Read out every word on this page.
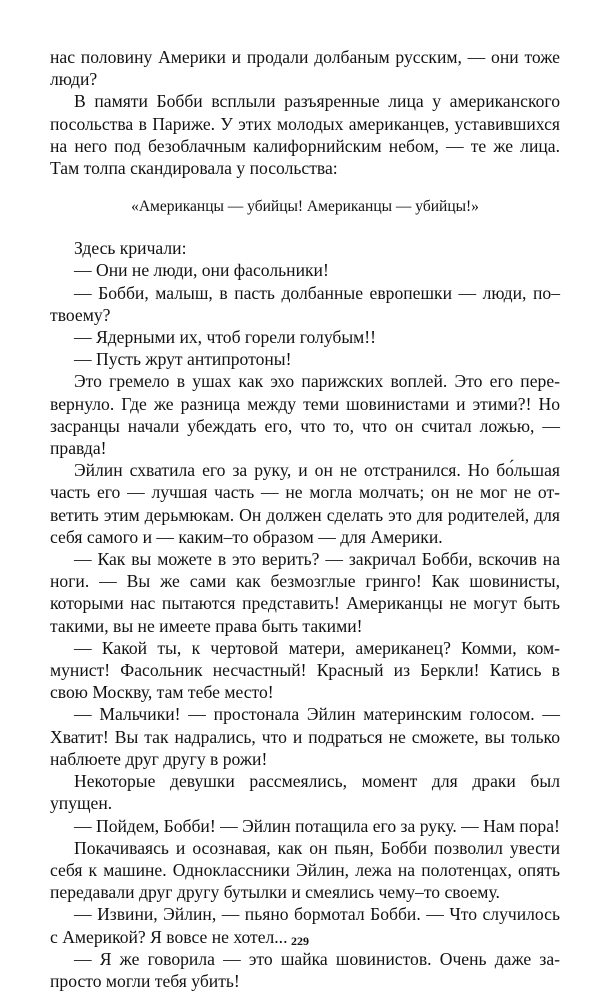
нас половину Америки и продали долбаным русским, — они тоже люди?

В памяти Бобби всплыли разъяренные лица у американского посольства в Париже. У этих молодых американцев, уставившихся на него под безоблачным калифорнийским небом, — те же лица. Там толпа скандировала у посольства:

«Американцы — убийцы! Американцы — убийцы!»

Здесь кричали:

— Они не люди, они фасольники!

— Бобби, малыш, в пасть долбанные европешки — люди, по–твоему?

— Ядерными их, чтоб горели голубым!!

— Пусть жрут антипротоны!

Это гремело в ушах как эхо парижских воплей. Это его перевернуло. Где же разница между теми шовинистами и этими?! Но засранцы начали убеждать его, что то, что он считал ложью, — правда!

Эйлин схватила его за руку, и он не отстранился. Но бо́льшая часть его — лучшая часть — не могла молчать; он не мог не ответить этим дерьмюкам. Он должен сделать это для родителей, для себя самого и — каким–то образом — для Америки.

— Как вы можете в это верить? — закричал Бобби, вскочив на ноги. — Вы же сами как безмозглые гринго! Как шовинисты, которыми нас пытаются представить! Американцы не могут быть такими, вы не имеете права быть такими!

— Какой ты, к чертовой матери, американец? Комми, коммунист! Фасольник несчастный! Красный из Беркли! Катись в свою Москву, там тебе место!

— Мальчики! — простонала Эйлин материнским голосом. — Хватит! Вы так надрались, что и подраться не сможете, вы только наблюете друг другу в рожи!

Некоторые девушки рассмеялись, момент для драки был упущен.

— Пойдем, Бобби! — Эйлин потащила его за руку. — Нам пора!

Покачиваясь и осознавая, как он пьян, Бобби позволил увести себя к машине. Одноклассники Эйлин, лежа на полотенцах, опять передавали друг другу бутылки и смеялись чему–то своему.

— Извини, Эйлин, — пьяно бормотал Бобби. — Что случилось с Америкой? Я вовсе не хотел...

— Я же говорила — это шайка шовинистов. Очень даже запросто могли тебя убить!

229
